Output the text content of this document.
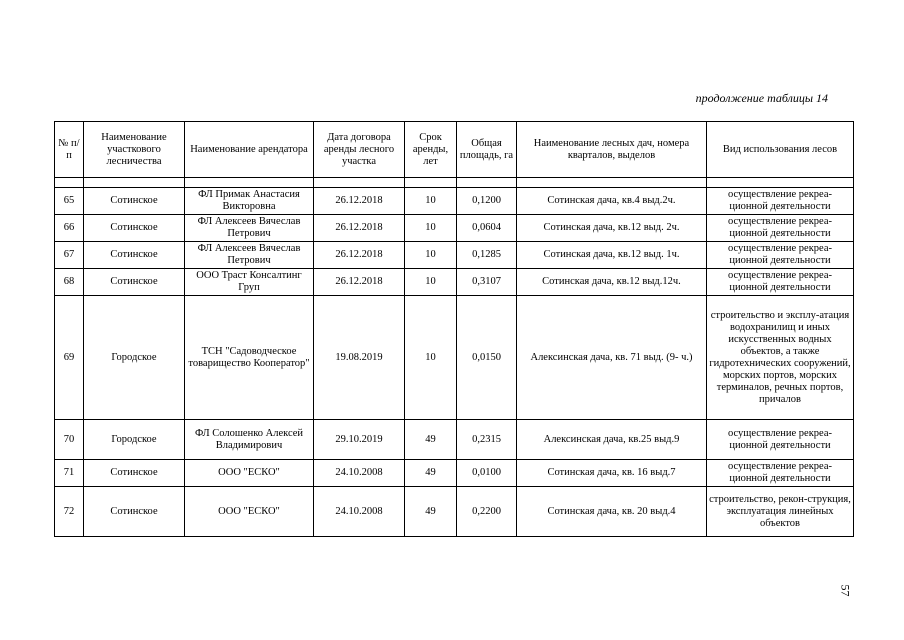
продолжение таблицы 14
№ п/п	Наименование участкового лесничества	Наименование арендатора	Дата договора аренды лесного участка	Срок аренды, лет	Общая площадь, га	Наименование лесных дач, номера кварталов, выделов	Вид использования лесов

65	Сотинское	ФЛ Примак Анастасия Викторовна	26.12.2018	10	0,1200	Сотинская дача, кв.4 выд.2ч.	осуществление рекреа-ционной деятельности
66	Сотинское	ФЛ Алексеев Вячеслав Петрович	26.12.2018	10	0,0604	Сотинская дача, кв.12 выд. 2ч.	осуществление рекреа-ционной деятельности
67	Сотинское	ФЛ Алексеев Вячеслав Петрович	26.12.2018	10	0,1285	Сотинская дача, кв.12 выд. 1ч.	осуществление рекреа-ционной деятельности
68	Сотинское	ООО Траст Консалтинг Груп	26.12.2018	10	0,3107	Сотинская дача, кв.12 выд.12ч.	осуществление рекреа-ционной деятельности
69	Городское	ТСН "Садоводческое товарищество Кооператор"	19.08.2019	10	0,0150	Алексинская дача, кв. 71 выд. (9- ч.)	строительство и эксплу-атация водохранилищ и иных искусственных водных объектов, а также гидротехнических сооружений, морских портов, морских терминалов, речных портов, причалов
70	Городское	ФЛ Солошенко Алексей Владимирович	29.10.2019	49	0,2315	Алексинская дача, кв.25 выд.9	осуществление рекреа-ционной деятельности
71	Сотинское	ООО "ЕСКО"	24.10.2008	49	0,0100	Сотинская дача, кв. 16 выд.7	осуществление рекреа-ционной деятельности
72	Сотинское	ООО "ЕСКО"	24.10.2008	49	0,2200	Сотинская дача, кв. 20 выд.4	строительство, рекон-струкция, эксплуатация линейных объектов
57
